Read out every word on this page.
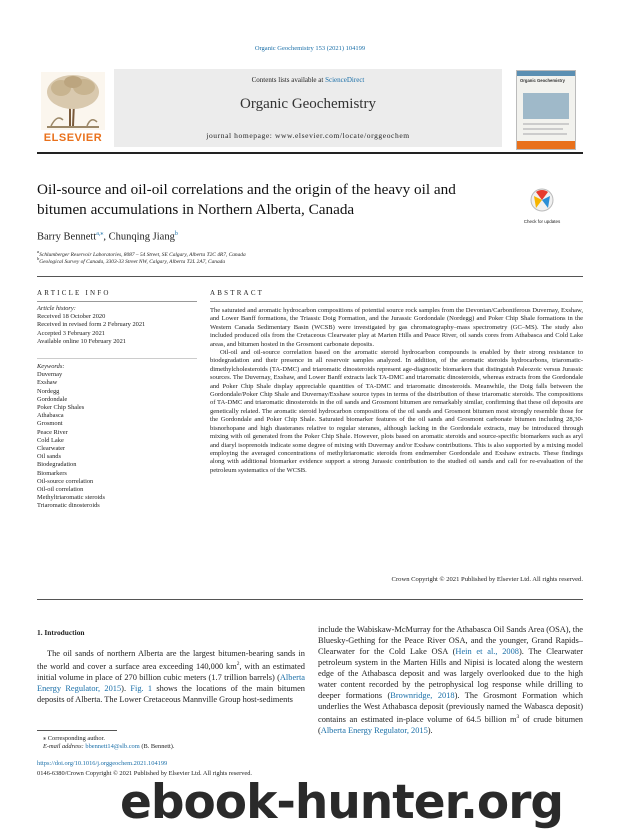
Organic Geochemistry 153 (2021) 104199
ELSEVIER
Contents lists available at ScienceDirect
Organic Geochemistry
journal homepage: www.elsevier.com/locate/orggeochem
Organic Geochemistry
Oil-source and oil-oil correlations and the origin of the heavy oil and bitumen accumulations in Northern Alberta, Canada
Check for updates
Barry Bennett$^{a,⁎}$, Chunqing Jiang$^b$
$^a$Schlumberger Reservoir Laboratories, 8087 – 54 Street, SE Calgary, Alberta T2C 4R7, Canada
$^b$Geological Survey of Canada, 3303-33 Street NW, Calgary, Alberta T2L 2A7, Canada
ARTICLE INFO	ABSTRACT
Article history:
Received 18 October 2020
Received in revised form 2 February 2021
Accepted 3 February 2021
Available online 10 February 2021
Keywords:
Duvernay
Exshaw
Nordegg
Gordondale
Poker Chip Shales
Athabasca
Grosmont
Peace River
Cold Lake
Clearwater
Oil sands
Biodegradation
Biomarkers
Oil-source correlation
Oil-oil correlation
Methyltriaromatic steroids
Triaromatic dinosteroids

The saturated and aromatic hydrocarbon compositions of potential source rock samples from the Devonian/Carboniferous Duvernay, Exshaw, and Lower Banff formations, the Triassic Doig Formation, and the Jurassic Gordondale (Nordegg) and Poker Chip Shale formations in the Western Canada Sedimentary Basin (WCSB) were investigated by gas chromatography–mass spectrometry (GC–MS). The study also included produced oils from the Cretaceous Clearwater play at Marten Hills and Peace River, oil sands cores from Athabasca and Cold Lake areas, and bitumen hosted in the Grosmont carbonate deposits.

Oil-oil and oil-source correlation based on the aromatic steroid hydrocarbon compounds is enabled by their strong resistance to biodegradation and their presence in all reservoir samples analyzed. In addition, of the aromatic steroids hydrocarbons, triaromatic-dimethylcholesteroids (TA-DMC) and triaromatic dinosteroids represent age-diagnostic biomarkers that distinguish Paleozoic versus Jurassic sources. The Duvernay, Exshaw, and Lower Banff extracts lack TA-DMC and triaromatic dinosteroids, whereas extracts from the Gordondale and Poker Chip Shale display appreciable quantities of TA-DMC and triaromatic dinosteroids. Meanwhile, the Doig falls between the Gordondale/Poker Chip Shale and Duvernay/Exshaw source types in terms of the distribution of these triaromatic steroids. The compositions of TA-DMC and triaromatic dinosteroids in the oil sands and Grosmont bitumen are remarkably similar, confirming that these oil deposits are genetically related. The aromatic steroid hydrocarbon compositions of the oil sands and Grosmont bitumen most strongly resemble those for the Gordondale and Poker Chip Shale. Saturated biomarker features of the oil sands and Grosmont carbonate bitumen including 28,30-bisnorhopane and high diasteranes relative to regular steranes, although lacking in the Gordondale extracts, may be introduced through mixing with oil generated from the Poker Chip Shale. However, plots based on aromatic steroids and source-specific biomarkers such as aryl and diaryl isoprenoids indicate some degree of mixing with Duvernay and/or Exshaw contributions. This is also supported by a mixing model employing the averaged concentrations of methyltriaromatic steroids from endmember Gordondale and Exshaw extracts. These findings along with additional biomarker evidence support a strong Jurassic contribution to the studied oil sands and call for re-evaluation of the petroleum systematics of the WCSB.

Crown Copyright © 2021 Published by Elsevier Ltd. All rights reserved.
1. Introduction

The oil sands of northern Alberta are the largest bitumen-bearing sands in the world and cover a surface area exceeding 140,000 $km^2$, with an estimated initial volume in place of 270 billion cubic meters (1.7 trillion barrels) (Alberta Energy Regulator, 2015). Fig. 1 shows the locations of the main bitumen deposits of Alberta. The Lower Cretaceous Mannville Group host-sediments

include the Wabiskaw-McMurray for the Athabasca Oil Sands Area (OSA), the Bluesky-Gething for the Peace River OSA, and the younger, Grand Rapids–Clearwater for the Cold Lake OSA (Hein et al., 2008). The Clearwater petroleum system in the Marten Hills and Nipisi is located along the western edge of the Athabasca deposit and was largely overlooked due to the high water content recorded by the petrophysical log response while drilling to deeper formations (Brownridge, 2018). The Grosmont Formation which underlies the West Athabasca deposit (previously named the Wabasca deposit) contains an estimated in-place volume of 64.5 billion $m^3$ of crude bitumen (Alberta Energy Regulator, 2015).

⁎ Corresponding author.
E-mail address: bbennett14@slb.com (B. Bennett).
https://doi.org/10.1016/j.orggeochem.2021.104199
0146-6380/Crown Copyright © 2021 Published by Elsevier Ltd. All rights reserved.
ebook-hunter.org
